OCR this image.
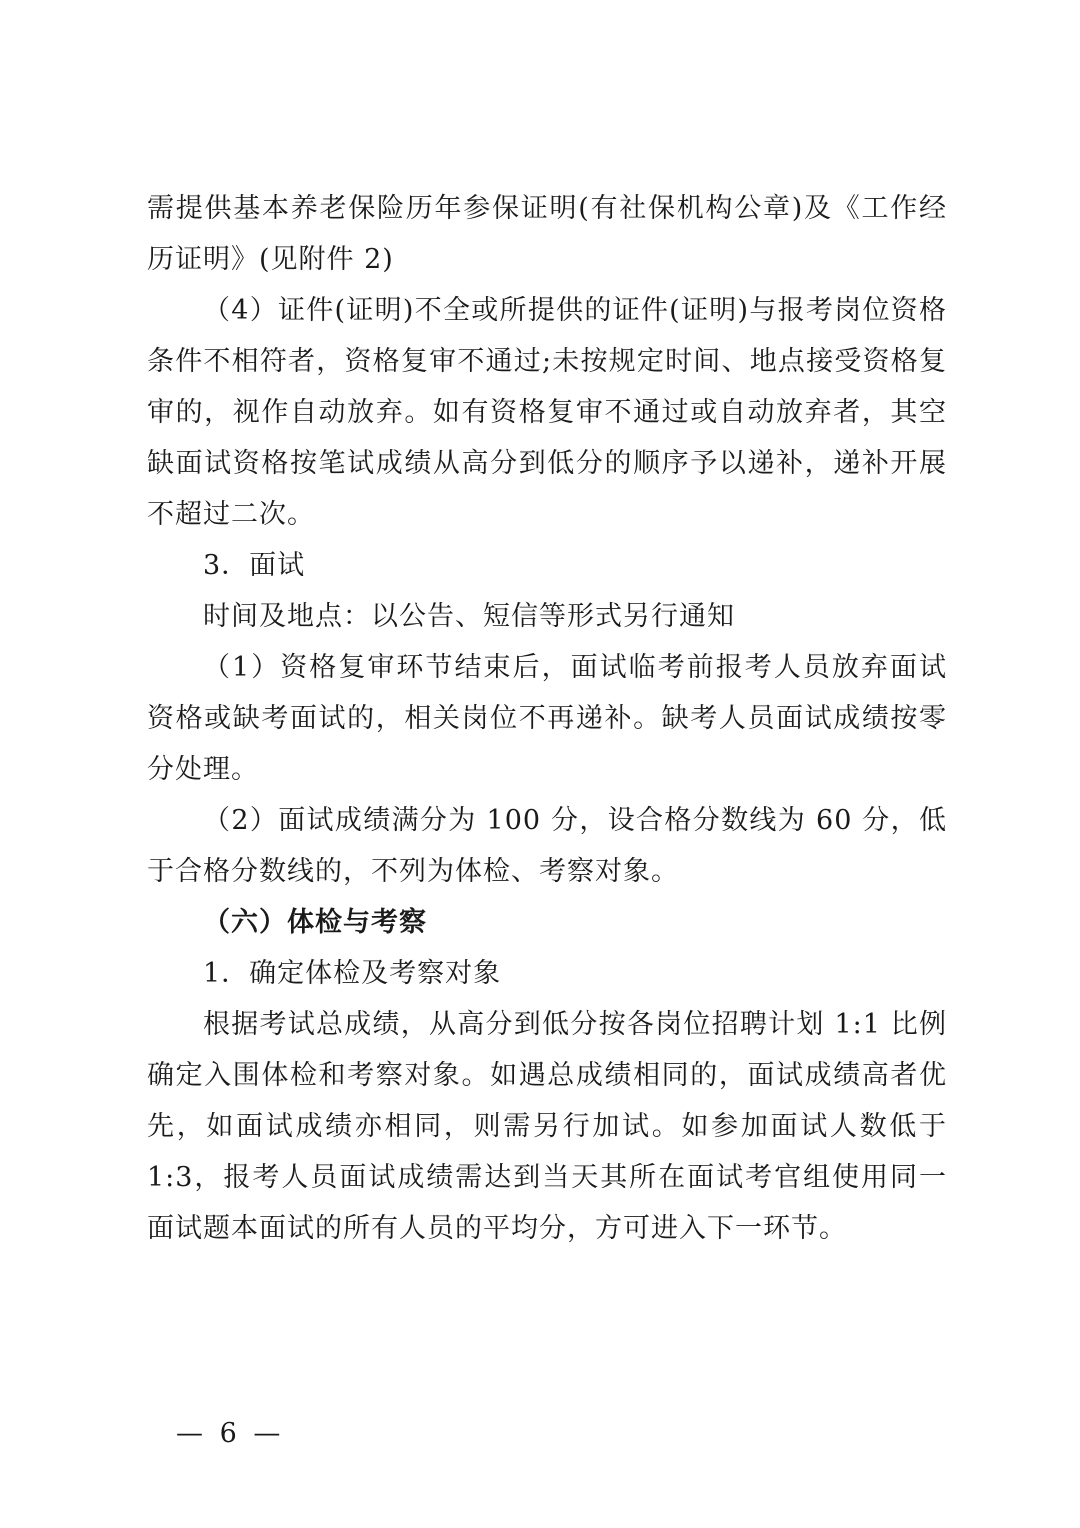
需提供基本养老保险历年参保证明(有社保机构公章)及《工作经历证明》(见附件 2)

（4）证件(证明)不全或所提供的证件(证明)与报考岗位资格条件不相符者，资格复审不通过;未按规定时间、地点接受资格复审的，视作自动放弃。如有资格复审不通过或自动放弃者，其空缺面试资格按笔试成绩从高分到低分的顺序予以递补，递补开展不超过二次。

3．面试

时间及地点：以公告、短信等形式另行通知

（1）资格复审环节结束后，面试临考前报考人员放弃面试资格或缺考面试的，相关岗位不再递补。缺考人员面试成绩按零分处理。

（2）面试成绩满分为 100 分，设合格分数线为 60 分，低于合格分数线的，不列为体检、考察对象。

（六）体检与考察

1．确定体检及考察对象

根据考试总成绩，从高分到低分按各岗位招聘计划 1:1 比例确定入围体检和考察对象。如遇总成绩相同的，面试成绩高者优先，如面试成绩亦相同，则需另行加试。如参加面试人数低于 1:3，报考人员面试成绩需达到当天其所在面试考官组使用同一面试题本面试的所有人员的平均分，方可进入下一环节。

— 6 —
